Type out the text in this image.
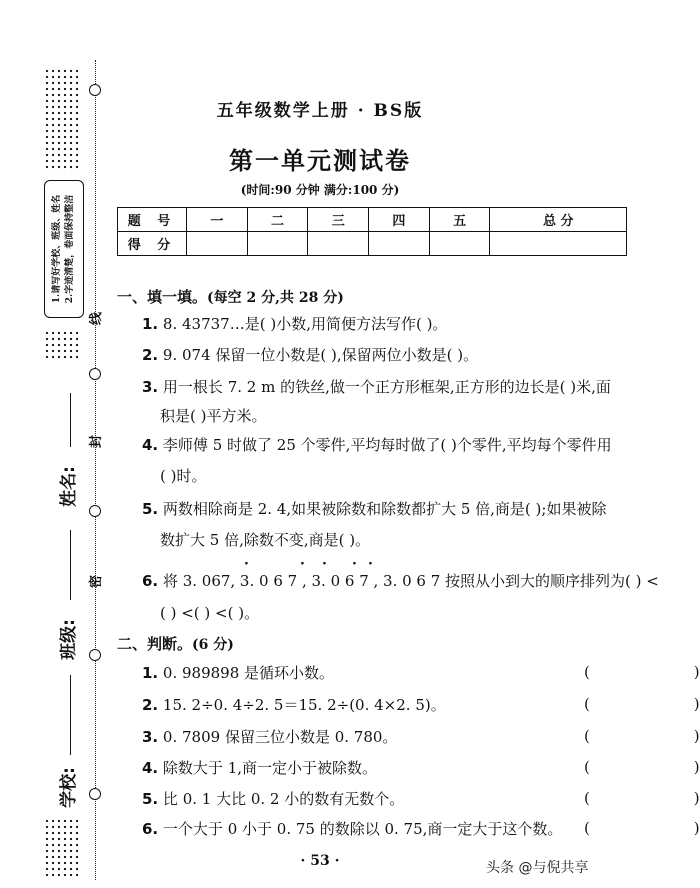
1.请写好学校、班级、姓名 2.字迹清楚，卷面保持整洁
线
封
密
姓名:
班级:
学校:
五年级数学上册 · BS版
第一单元测试卷
(时间:90 分钟 满分:100 分)
题 号	一	二	三	四	五	总 分
得 分						
一、填一填。(每空 2 分,共 28 分)
1. 8. 43737…是( )小数,用简便方法写作( )。
2. 9. 074 保留一位小数是( ),保留两位小数是( )。
3. 用一根长 7. 2 m 的铁丝,做一个正方形框架,正方形的边长是( )米,面
积是( )平方米。
4. 李师傅 5 时做了 25 个零件,平均每时做了( )个零件,平均每个零件用
( )时。
5. 两数相除商是 2. 4,如果被除数和除数都扩大 5 倍,商是( );如果被除
数扩大 5 倍,除数不变,商是( )。
·	· · · ·
6. 将 3. 067, 3. 0 6 7 , 3. 0 6 7 , 3. 0 6 7 按照从小到大的顺序排列为( ) <
( ) <( ) <( )。
二、判断。(6 分)
1. 0. 989898 是循环小数。	(     )
2. 15. 2÷0. 4÷2. 5＝15. 2÷(0. 4×2. 5)。	(     )
3. 0. 7809 保留三位小数是 0. 780。	(     )
4. 除数大于 1,商一定小于被除数。	(     )
5. 比 0. 1 大比 0. 2 小的数有无数个。	(     )
6. 一个大于 0 小于 0. 75 的数除以 0. 75,商一定大于这个数。 (     )
· 53 ·	头条 @与倪共享
